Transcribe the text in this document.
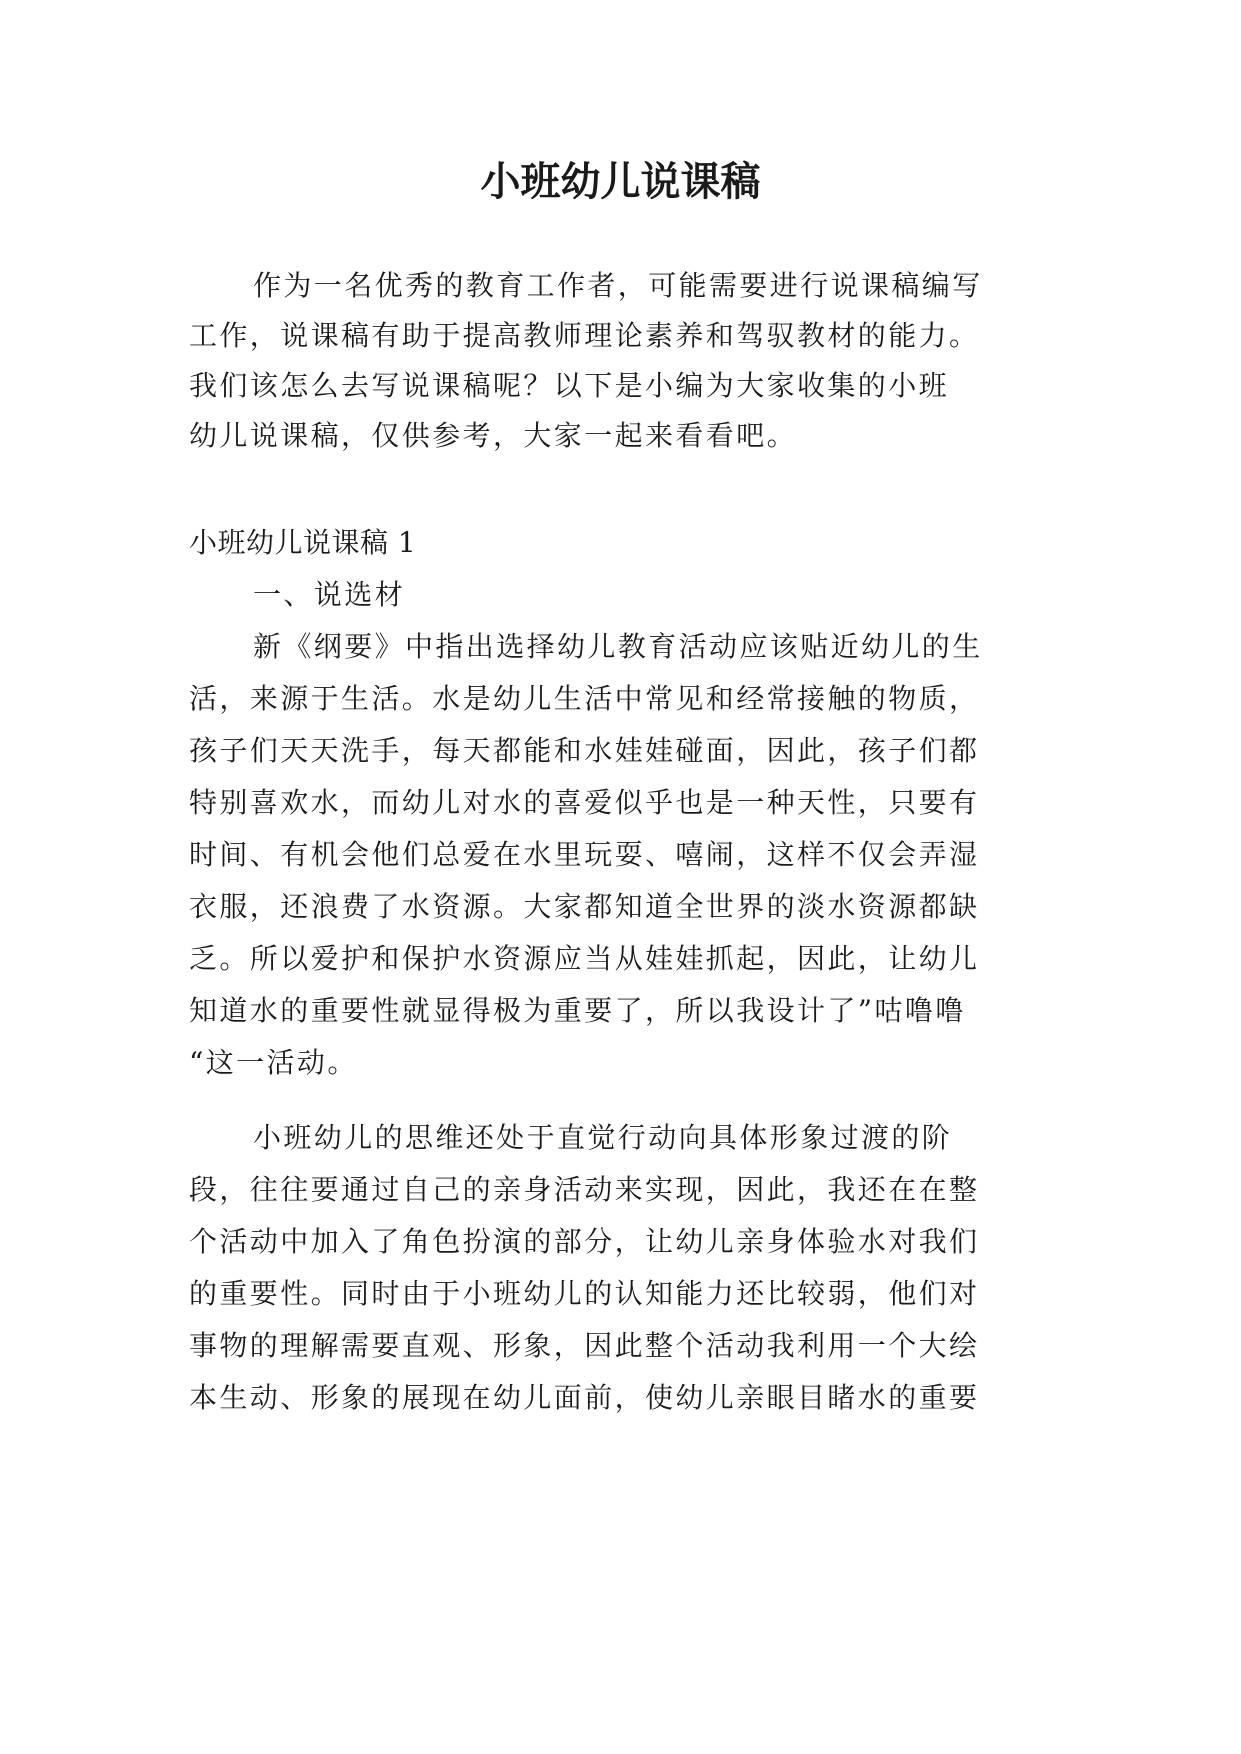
小班幼儿说课稿
作为一名优秀的教育工作者，可能需要进行说课稿编写
工作，说课稿有助于提高教师理论素养和驾驭教材的能力。
我们该怎么去写说课稿呢？以下是小编为大家收集的小班
幼儿说课稿，仅供参考，大家一起来看看吧。
小班幼儿说课稿 1
一、说选材
新《纲要》中指出选择幼儿教育活动应该贴近幼儿的生
活，来源于生活。水是幼儿生活中常见和经常接触的物质，
孩子们天天洗手，每天都能和水娃娃碰面，因此，孩子们都
特别喜欢水，而幼儿对水的喜爱似乎也是一种天性，只要有
时间、有机会他们总爱在水里玩耍、嘻闹，这样不仅会弄湿
衣服，还浪费了水资源。大家都知道全世界的淡水资源都缺
乏。所以爱护和保护水资源应当从娃娃抓起，因此，让幼儿
知道水的重要性就显得极为重要了，所以我设计了”咕噜噜
“这一活动。
小班幼儿的思维还处于直觉行动向具体形象过渡的阶
段，往往要通过自己的亲身活动来实现，因此，我还在在整
个活动中加入了角色扮演的部分，让幼儿亲身体验水对我们
的重要性。同时由于小班幼儿的认知能力还比较弱，他们对
事物的理解需要直观、形象，因此整个活动我利用一个大绘
本生动、形象的展现在幼儿面前，使幼儿亲眼目睹水的重要
